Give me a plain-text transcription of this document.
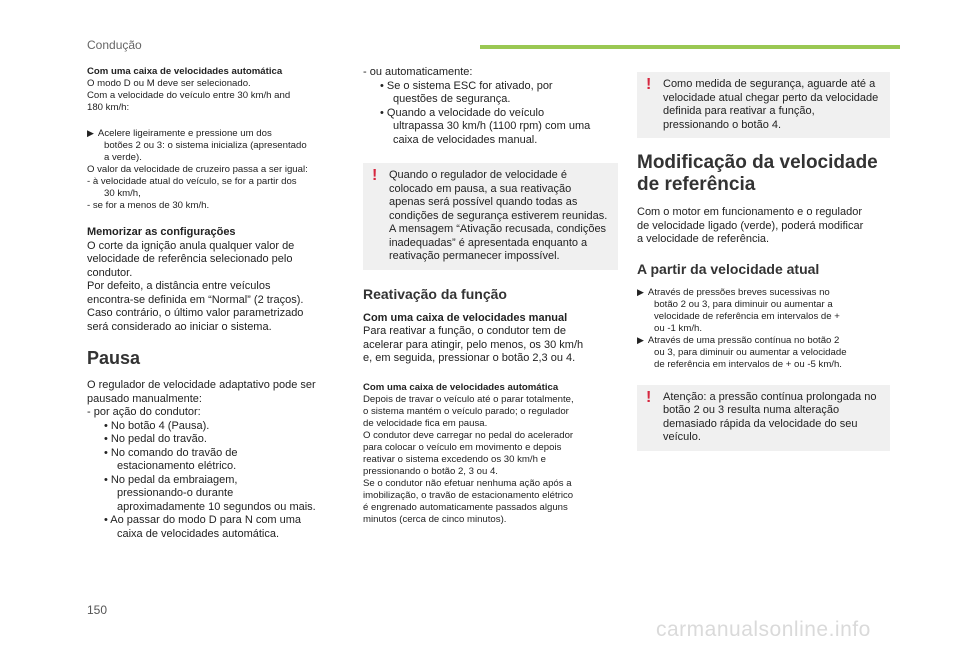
Condução
Com uma caixa de velocidades automática
O modo D ou M deve ser selecionado.
Com a velocidade do veículo entre 30 km/h and
180 km/h:
▶ Acelere ligeiramente e pressione um dos
botões 2 ou 3: o sistema inicializa (apresentado
a verde).
O valor da velocidade de cruzeiro passa a ser igual:
- à velocidade atual do veículo, se for a partir dos
30 km/h,
- se for a menos de 30 km/h.
Memorizar as configurações
O corte da ignição anula qualquer valor de
velocidade de referência selecionado pelo
condutor.
Por defeito, a distância entre veículos
encontra-se definida em “Normal” (2 traços).
Caso contrário, o último valor parametrizado
será considerado ao iniciar o sistema.
Pausa
O regulador de velocidade adaptativo pode ser
pausado manualmente:
- por ação do condutor:
• No botão 4 (Pausa).
• No pedal do travão.
• No comando do travão de
estacionamento elétrico.
• No pedal da embraiagem,
pressionando-o durante
aproximadamente 10 segundos ou mais.
• Ao passar do modo D para N com uma
caixa de velocidades automática.
- ou automaticamente:
• Se o sistema ESC for ativado, por
questões de segurança.
• Quando a velocidade do veículo
ultrapassa 30 km/h (1100 rpm) com uma
caixa de velocidades manual.
! Quando o regulador de velocidade é colocado em pausa, a sua reativação apenas será possível quando todas as condições de segurança estiverem reunidas. A mensagem “Ativação recusada, condições inadequadas” é apresentada enquanto a reativação permanecer impossível.
Reativação da função
Com uma caixa de velocidades manual
Para reativar a função, o condutor tem de
acelerar para atingir, pelo menos, os 30 km/h
e, em seguida, pressionar o botão 2,3 ou 4.
Com uma caixa de velocidades automática
Depois de travar o veículo até o parar totalmente,
o sistema mantém o veículo parado; o regulador
de velocidade fica em pausa.
O condutor deve carregar no pedal do acelerador
para colocar o veículo em movimento e depois
reativar o sistema excedendo os 30 km/h e
pressionando o botão 2, 3 ou 4.
Se o condutor não efetuar nenhuma ação após a
imobilização, o travão de estacionamento elétrico
é engrenado automaticamente passados alguns
minutos (cerca de cinco minutos).
! Como medida de segurança, aguarde até a velocidade atual chegar perto da velocidade definida para reativar a função, pressionando o botão 4.
Modificação da velocidade
de referência
Com o motor em funcionamento e o regulador
de velocidade ligado (verde), poderá modificar
a velocidade de referência.
A partir da velocidade atual
▶ Através de pressões breves sucessivas no
botão 2 ou 3, para diminuir ou aumentar a
velocidade de referência em intervalos de +
ou -1 km/h.
▶ Através de uma pressão contínua no botão 2
ou 3, para diminuir ou aumentar a velocidade
de referência em intervalos de + ou -5 km/h.
! Atenção: a pressão contínua prolongada no botão 2 ou 3 resulta numa alteração demasiado rápida da velocidade do seu veículo.
150
carmanualsonline.info
